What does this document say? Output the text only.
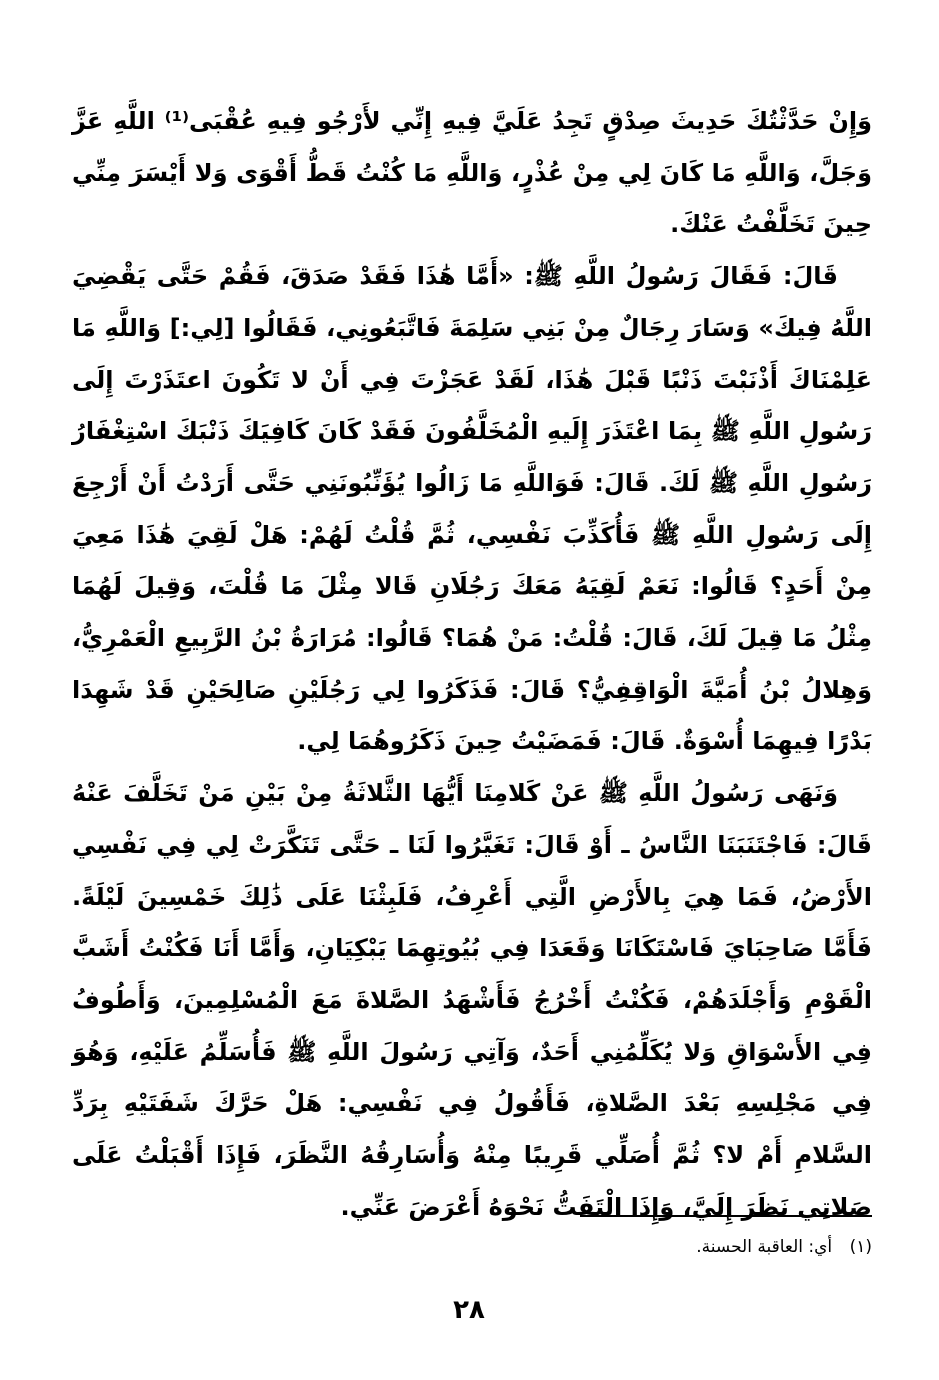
وَإِنْ حَدَّثْتُكَ حَدِيثَ صِدْقٍ تَجِدُ عَلَيَّ فِيهِ إِنِّي لأَرْجُو فِيهِ عُقْبَى⁽¹⁾ اللَّهِ عَزَّ وَجَلَّ، وَاللَّهِ مَا كَانَ لِي مِنْ عُذْرٍ، وَاللَّهِ مَا كُنْتُ قَطُّ أَقْوَى وَلا أَيْسَرَ مِنِّي حِينَ تَخَلَّفْتُ عَنْكَ.

قَالَ: فَقَالَ رَسُولُ اللَّهِ ﷺ: «أَمَّا هَٰذَا فَقَدْ صَدَقَ، فَقُمْ حَتَّى يَقْضِيَ اللَّهُ فِيكَ» وَسَارَ رِجَالٌ مِنْ بَنِي سَلِمَةَ فَاتَّبَعُونِي، فَقَالُوا [لِي:] وَاللَّهِ مَا عَلِمْنَاكَ أَذْنَبْتَ ذَنْبًا قَبْلَ هَٰذَا، لَقَدْ عَجَزْتَ فِي أَنْ لا تَكُونَ اعتَذَرْتَ إِلَى رَسُولِ اللَّهِ ﷺ بِمَا اعْتَذَرَ إِلَيهِ الْمُخَلَّفُونَ فَقَدْ كَانَ كَافِيَكَ ذَنْبَكَ اسْتِغْفَارُ رَسُولِ اللَّهِ ﷺ لَكَ. قَالَ: فَوَاللَّهِ مَا زَالُوا يُؤَنِّبُونَنِي حَتَّى أَرَدْتُ أَنْ أَرْجِعَ إِلَى رَسُولِ اللَّهِ ﷺ فَأُكَذِّبَ نَفْسِي، ثُمَّ قُلْتُ لَهُمْ: هَلْ لَقِيَ هَٰذَا مَعِيَ مِنْ أَحَدٍ؟ قَالُوا: نَعَمْ لَقِيَهُ مَعَكَ رَجُلَانِ قَالا مِثْلَ مَا قُلْتَ، وَقِيلَ لَهُمَا مِثْلُ مَا قِيلَ لَكَ، قَالَ: قُلْتُ: مَنْ هُمَا؟ قَالُوا: مُرَارَةُ بْنُ الرَّبِيعِ الْعَمْرِيُّ، وَهِلالُ بْنُ أُمَيَّةَ الْوَاقِفِيُّ؟ قَالَ: فَذَكَرُوا لِي رَجُلَيْنِ صَالِحَيْنِ قَدْ شَهِدَا بَدْرًا فِيهِمَا أُسْوَةٌ. قَالَ: فَمَضَيْتُ حِينَ ذَكَرُوهُمَا لِي.

وَنَهَى رَسُولُ اللَّهِ ﷺ عَنْ كَلامِنَا أَيُّهَا الثَّلاثَةُ مِنْ بَيْنِ مَنْ تَخَلَّفَ عَنْهُ قَالَ: فَاجْتَنَبَنَا النَّاسُ ـ أَوْ قَالَ: تَغَيَّرُوا لَنَا ـ حَتَّى تَنَكَّرَتْ لِي فِي نَفْسِي الأَرْضُ، فَمَا هِيَ بِالأَرْضِ الَّتِي أَعْرِفُ، فَلَبِثْنَا عَلَى ذَٰلِكَ خَمْسِينَ لَيْلَةً. فَأَمَّا صَاحِبَايَ فَاسْتَكَانَا وَقَعَدَا فِي بُيُوتِهِمَا يَبْكِيَانِ، وَأَمَّا أَنَا فَكُنْتُ أَشَبَّ الْقَوْمِ وَأَجْلَدَهُمْ، فَكُنْتُ أَخْرُجُ فَأَشْهَدُ الصَّلاةَ مَعَ الْمُسْلِمِينَ، وَأَطُوفُ فِي الأَسْوَاقِ وَلا يُكَلِّمُنِي أَحَدٌ، وَآتِي رَسُولَ اللَّهِ ﷺ فَأُسَلِّمُ عَلَيْهِ، وَهُوَ فِي مَجْلِسِهِ بَعْدَ الصَّلاةِ، فَأَقُولُ فِي نَفْسِي: هَلْ حَرَّكَ شَفَتَيْهِ بِرَدِّ السَّلامِ أَمْ لا؟ ثُمَّ أُصَلِّي قَرِيبًا مِنْهُ وَأُسَارِقُهُ النَّظَرَ، فَإِذَا أَقْبَلْتُ عَلَى صَلاتِي نَظَرَ إِلَيَّ، وَإِذَا الْتَفَتُّ نَحْوَهُ أَعْرَضَ عَنِّي.

(١) أي: العاقبة الحسنة.
٢٨
